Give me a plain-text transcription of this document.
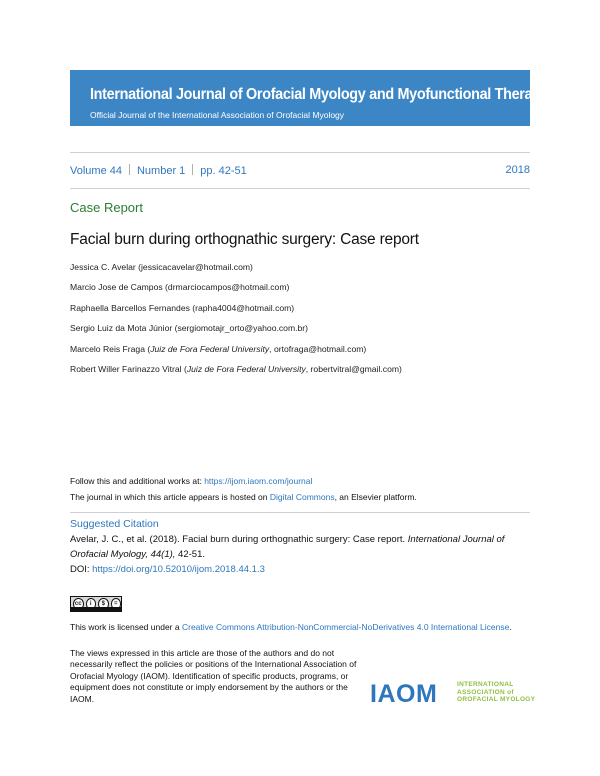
International Journal of Orofacial Myology and Myofunctional Therapy
Official Journal of the International Association of Orofacial Myology
Volume 44 Number 1 pp. 42-51	2018
Case Report
Facial burn during orthognathic surgery: Case report
Jessica C. Avelar (jessicacavelar@hotmail.com)
Marcio Jose de Campos (drmarciocampos@hotmail.com)
Raphaella Barcellos Fernandes (rapha4004@hotmail.com)
Sergio Luiz da Mota Júnior (sergiomotajr_orto@yahoo.com.br)
Marcelo Reis Fraga (Juiz de Fora Federal University, ortofraga@hotmail.com)
Robert Willer Farinazzo Vitral (Juiz de Fora Federal University, robertvitral@gmail.com)
Follow this and additional works at: https://ijom.iaom.com/journal
The journal in which this article appears is hosted on Digital Commons, an Elsevier platform.
Suggested Citation
Avelar, J. C., et al. (2018). Facial burn during orthognathic surgery: Case report. International Journal of Orofacial Myology, 44(1), 42-51.
DOI: https://doi.org/10.52010/ijom.2018.44.1.3
cc	i	$	=
This work is licensed under a Creative Commons Attribution-NonCommercial-NoDerivatives 4.0 International License.
The views expressed in this article are those of the authors and do not necessarily reflect the policies or positions of the International Association of Orofacial Myology (IAOM). Identification of specific products, programs, or equipment does not constitute or imply endorsement by the authors or the IAOM.	IAOM	INTERNATIONAL
ASSOCIATION of
OROFACIAL MYOLOGY
